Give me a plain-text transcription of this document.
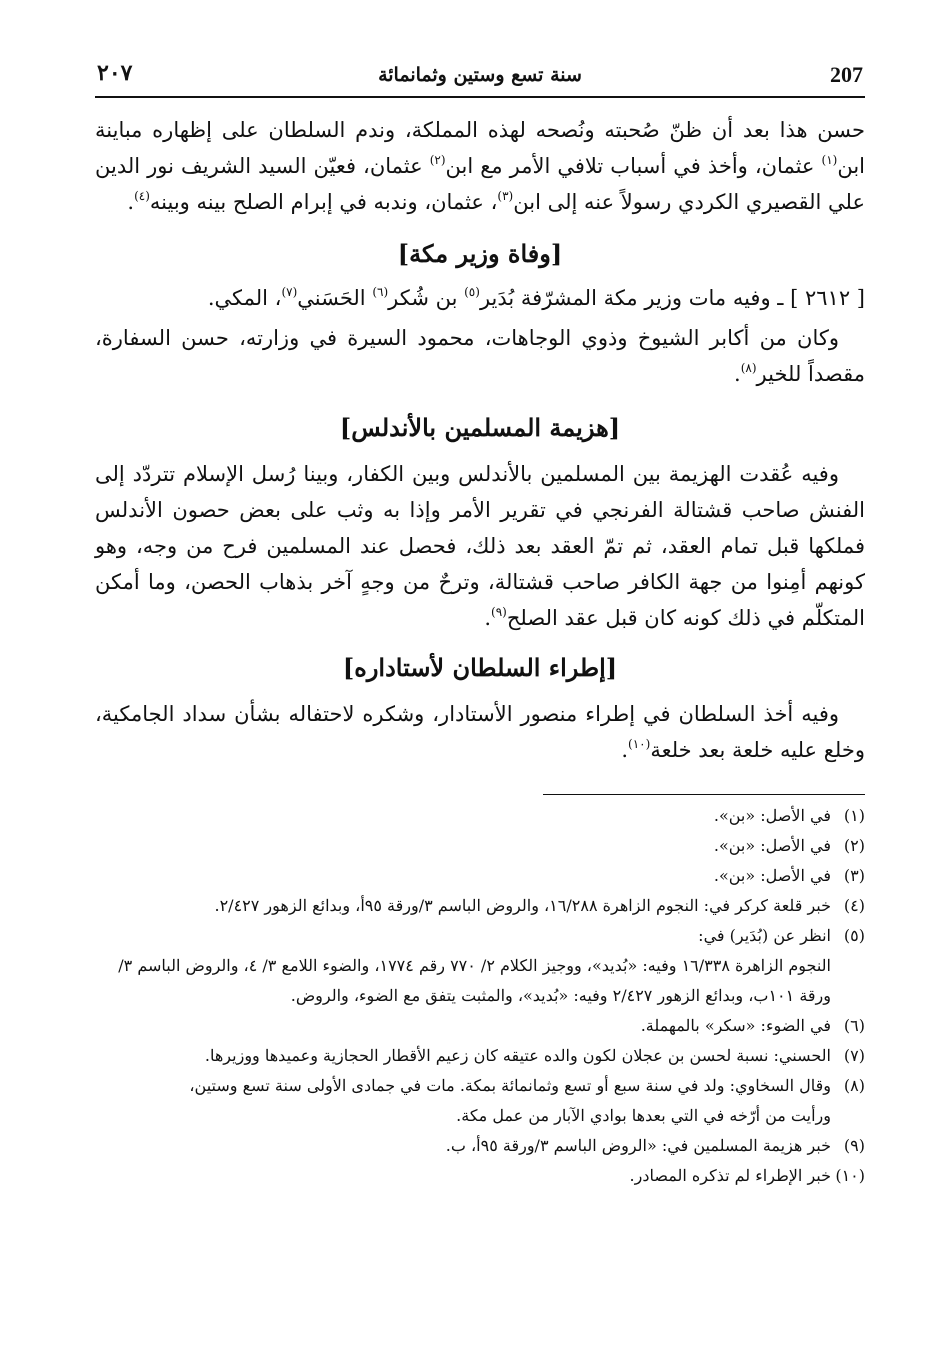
207
سنة تسع وستين وثمانمائة
٢٠٧

حسن هذا بعد أن ظنّ صُحبته ونُصحه لهذه المملكة، وندم السلطان على إظهاره مباينة ابن$^{(١)}$ عثمان، وأخذ في أسباب تلافي الأمر مع ابن$^{(٢)}$ عثمان، فعيّن السيد الشريف نور الدين علي القصيري الكردي رسولاً عنه إلى ابن$^{(٣)}$، عثمان، وندبه في إبرام الصلح بينه وبينه$^{(٤)}$.

[وفاة وزير مكة]

[ ٢٦١٢ ] ـ وفيه مات وزير مكة المشرّفة بُدَير$^{(٥)}$ بن شُكر$^{(٦)}$ الحَسَني$^{(٧)}$، المكي.

وكان من أكابر الشيوخ وذوي الوجاهات، محمود السيرة في وزارته، حسن السفارة، مقصداً للخير$^{(٨)}$.

[هزيمة المسلمين بالأندلس]

وفيه عُقدت الهزيمة بين المسلمين بالأندلس وبين الكفار، وبينا رُسل الإسلام تتردّد إلى الفنش صاحب قشتالة الفرنجي في تقرير الأمر وإذا به وثب على بعض حصون الأندلس فملكها قبل تمام العقد، ثم تمّ العقد بعد ذلك، فحصل عند المسلمين فرح من وجه، وهو كونهم أمِنوا من جهة الكافر صاحب قشتالة، وترحٌ من وجهٍ آخر بذهاب الحصن، وما أمكن المتكلّم في ذلك كونه كان قبل عقد الصلح$^{(٩)}$.

[إطراء السلطان لأستاداره]

وفيه أخذ السلطان في إطراء منصور الأستادار، وشكره لاحتفاله بشأن سداد الجامكية، وخلع عليه خلعة بعد خلعة$^{(١٠)}$.

(١)
في الأصل: «بن».
(٢)
في الأصل: «بن».
(٣)
في الأصل: «بن».
(٤)
خبر قلعة كركر في: النجوم الزاهرة ١٦/٢٨٨، والروض الباسم ٣/ورقة ٩٥أ، وبدائع الزهور ٢/٤٢٧.
(٥)
انظر عن (بُدَير) في:
النجوم الزاهرة ١٦/٣٣٨ وفيه: «بُديد»، ووجيز الكلام ٢/ ٧٧٠ رقم ١٧٧٤، والضوء اللامع ٣/ ٤، والروض الباسم ٣/ورقة ١٠١ب، وبدائع الزهور ٢/٤٢٧ وفيه: «بُديد»، والمثبت يتفق مع الضوء، والروض.
(٦)
في الضوء: «سكر» بالمهملة.
(٧)
الحسني: نسبة لحسن بن عجلان لكون والده عتيقه كان زعيم الأقطار الحجازية وعميدها ووزيرها.
(٨)
وقال السخاوي: ولد في سنة سبع أو تسع وثمانمائة بمكة. مات في جمادى الأولى سنة تسع وستين،
ورأيت من أرّخه في التي بعدها بوادي الآبار من عمل مكة.
(٩)
خبر هزيمة المسلمين في: «الروض الباسم ٣/ورقة ٩٥أ، ب.
(١٠)
خبر الإطراء لم تذكره المصادر.
